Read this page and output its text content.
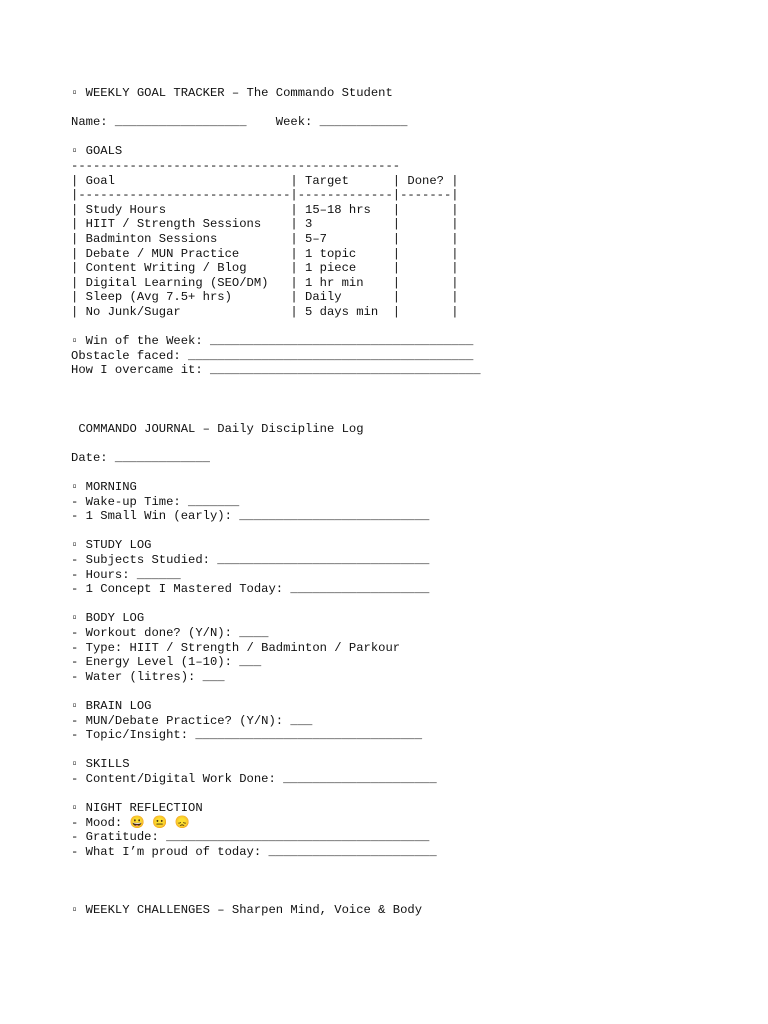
▫ WEEKLY GOAL TRACKER – The Commando Student
Name: __________________    Week: ____________
▫ GOALS
---------------------------------------------
| Goal                        | Target      | Done? |
|-----------------------------|-------------|-------|
| Study Hours                 | 15–18 hrs   |       |
| HIIT / Strength Sessions    | 3           |       |
| Badminton Sessions          | 5–7         |       |
| Debate / MUN Practice       | 1 topic     |       |
| Content Writing / Blog      | 1 piece     |       |
| Digital Learning (SEO/DM)   | 1 hr min    |       |
| Sleep (Avg 7.5+ hrs)        | Daily       |       |
| No Junk/Sugar               | 5 days min  |       |
▫ Win of the Week: ____________________________________
Obstacle faced: _______________________________________
How I overcame it: _____________________________________
COMMANDO JOURNAL – Daily Discipline Log
Date: _____________
▫ MORNING
- Wake-up Time: _______
- 1 Small Win (early): __________________________
▫ STUDY LOG
- Subjects Studied: _____________________________
- Hours: ______
- 1 Concept I Mastered Today: ___________________
▫ BODY LOG
- Workout done? (Y/N): ____
- Type: HIIT / Strength / Badminton / Parkour
- Energy Level (1–10): ___
- Water (litres): ___
▫ BRAIN LOG
- MUN/Debate Practice? (Y/N): ___
- Topic/Insight: _______________________________
▫ SKILLS
- Content/Digital Work Done: _____________________
▫ NIGHT REFLECTION
- Mood: 😀 😐 😞
- Gratitude: ____________________________________
- What I’m proud of today: _______________________
▫ WEEKLY CHALLENGES – Sharpen Mind, Voice & Body
